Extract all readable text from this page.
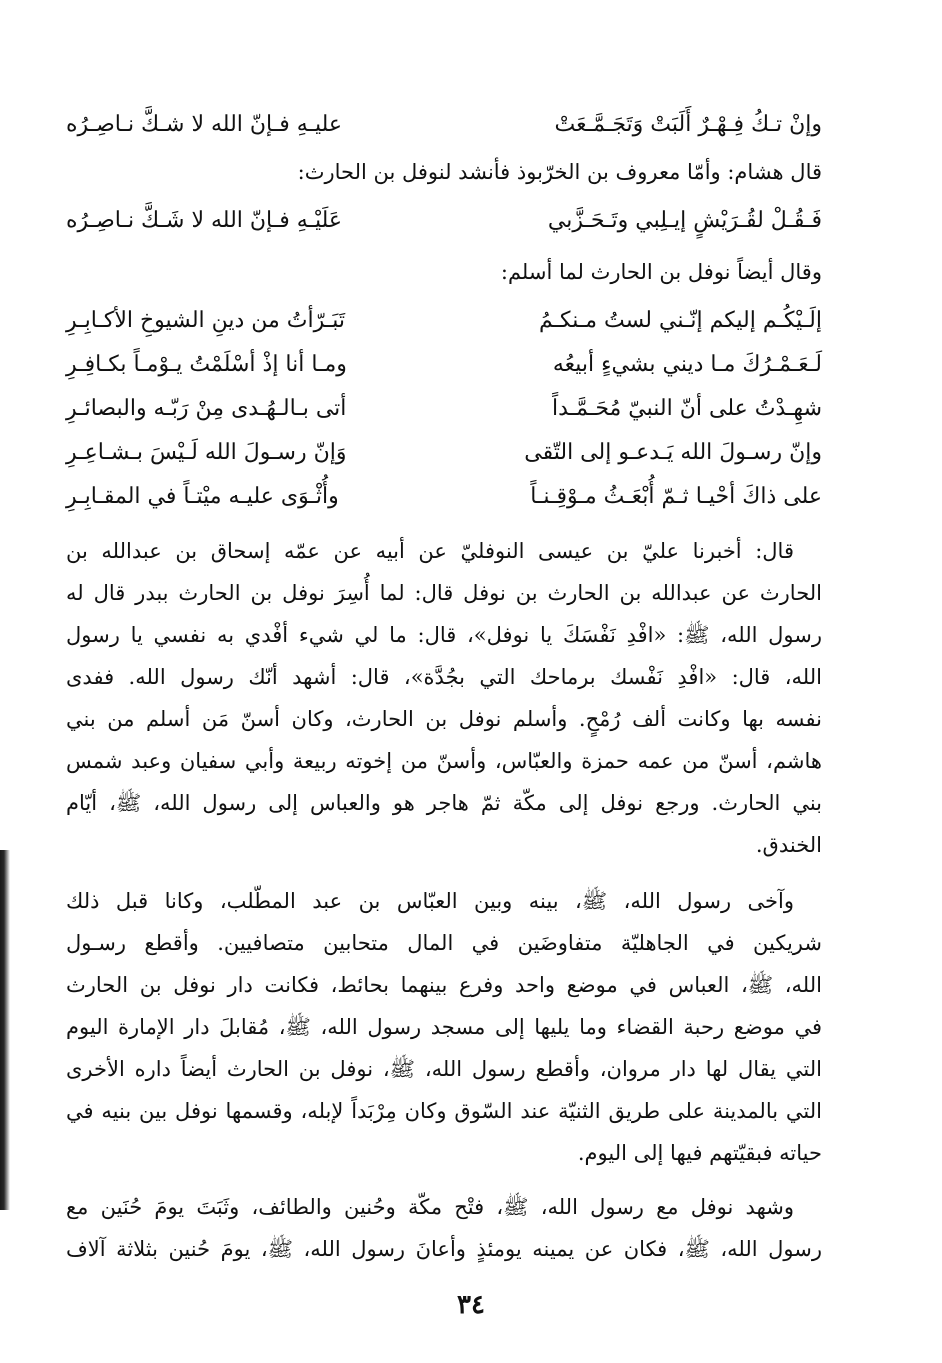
وإنْ تـكُ فِـهْـرٌ أَلَبَتْ وَتَجَـمَّـعَتْ
عليـهِ فـإنّ الله لا شـكَّ نـاصِـرُه
قال هشام: وأمّا معروف بن الخرّبوذ فأنشد لنوفل بن الحارث:
فَـقُـلْ لقُـرَيْشٍ إيـلِبي وتَـحَـزَّبي
عَلَيْـهِ فـإنّ الله لا شَـكَّ نـاصِـرُه
وقال أيضاً نوفل بن الحارث لما أسلم:
إلَـيْكُـم إليكم إنّـني لستُ مـنكـمُ
تَبَـرّأتُ من دينِ الشيوخِ الأكـابِـرِ
لَـعَـمْـرُكَ مـا ديني بشيءٍ أبيعُه
ومـا أنا إذْ أسْلَمْتُ يـوْمـاً بكـافِـرِ
شهِـدْتُ على أنّ النبيّ مُحَـمَّـداً
أتى بـالـهُـدى مِنْ رَبّـه والبصائـرِ
وإنّ رسـولَ الله يَـدعـو إلى التّقى
وَإنّ رسـولَ الله لَـيْسَ بـشـاعِـرِ
على ذاكَ أحْيـا ثـمّ أُبْعَـثُ مـوْقِـنـاً
وأُثْـوَى عليـه ميْتـاً في المقـابِـرِ
قال: أخبرنا عليّ بن عيسى النوفليّ عن أبيه عن عمّه إسحاق بن عبدالله بن
الحارث عن عبدالله بن الحارث بن نوفل قال: لما أُسِرَ نوفل بن الحارث ببدر قال له
رسول الله، ﷺ: «افْدِ نَفْسَكَ يا نوفل»، قال: ما لي شيء أفْدي به نفسي يا رسول
الله، قال: «افْدِ نَفْسك برماحك التي بجُدَّة»، قال: أشهد أنّك رسول الله. ففدى
نفسه بها وكانت ألف رُمْحٍ. وأسلم نوفل بن الحارث، وكان أسنّ مَن أسلم من بني
هاشم، أسنّ من عمه حمزة والعبّاس، وأسنّ من إخوته ربيعة وأبي سفيان وعبد شمس
بني الحارث. ورجع نوفل إلى مكّة ثمّ هاجر هو والعباس إلى رسول الله، ﷺ، أيّام
الخندق.
وآخى رسول الله، ﷺ، بينه وبين العبّاس بن عبد المطّلب، وكانا قبل ذلك
شريكين في الجاهليّة متفاوضَين في المال متحابين متصافيين. وأقطع رسـول
الله، ﷺ، العباس في موضع واحد وفرع بينهما بحائط، فكانت دار نوفل بن الحارث
في موضع رحبة القضاء وما يليها إلى مسجد رسول الله، ﷺ، مُقابلَ دار الإمارة اليوم
التي يقال لها دار مروان، وأقطع رسول الله، ﷺ، نوفل بن الحارث أيضاً داره الأخرى
التي بالمدينة على طريق الثنيّة عند السّوق وكان مِرْبَداً لإبله، وقسمها نوفل بين بنيه في
حياته فبقيّتهم فيها إلى اليوم.
وشهد نوفل مع رسول الله، ﷺ، فتْح مكّة وحُنين والطائف، وثَبَتَ يومَ حُنَين مع
رسول الله، ﷺ، فكان عن يمينه يومئذٍ وأعانَ رسول الله، ﷺ، يومَ حُنين بثلاثة آلاف
٣٤
